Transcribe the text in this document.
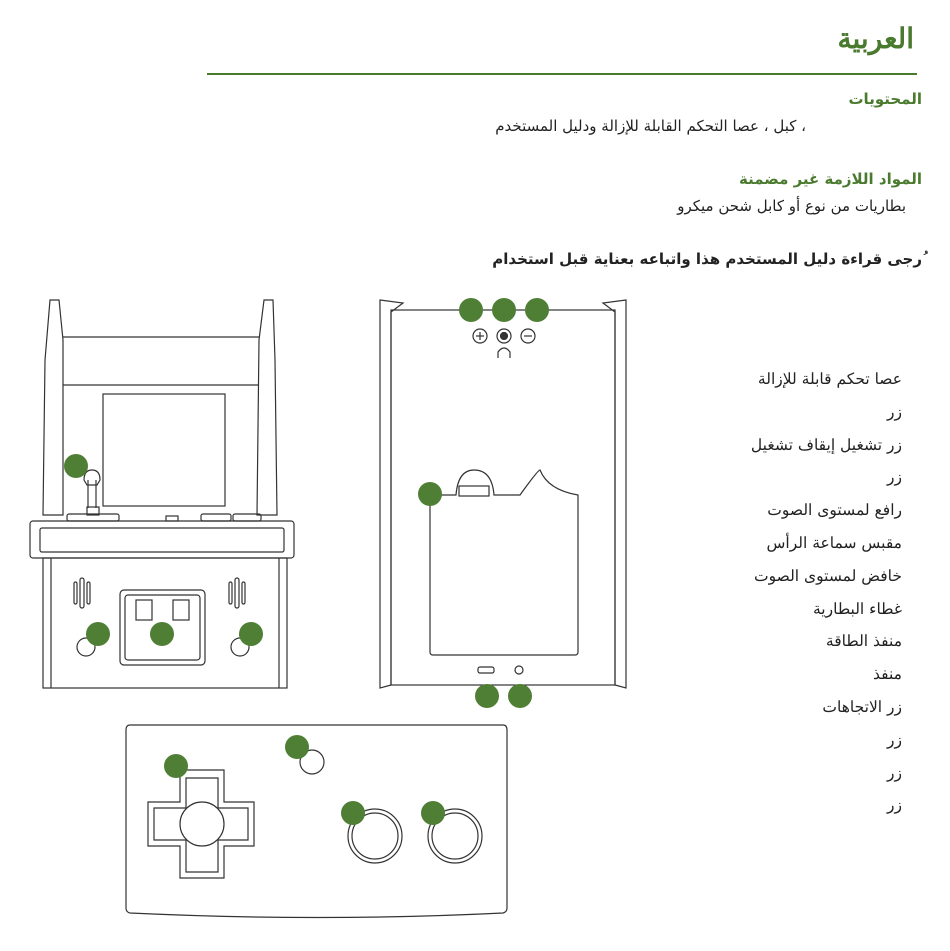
العربية
المحتويات
، كبل ، عصا التحكم القابلة للإزالة ودليل المستخدم
المواد اللازمة غير مضمنة
بطاريات من نوع أو كابل شحن ميكرو
ُرجى قراءة دليل المستخدم هذا واتباعه بعناية قبل استخدام
عصا تحكم قابلة للإزالة
زر
زر تشغيل إيقاف تشغيل
زر
رافع لمستوى الصوت
مقبس سماعة الرأس
خافض لمستوى الصوت
غطاء البطارية
منفذ الطاقة
منفذ
زر الاتجاهات
زر
زر
زر
